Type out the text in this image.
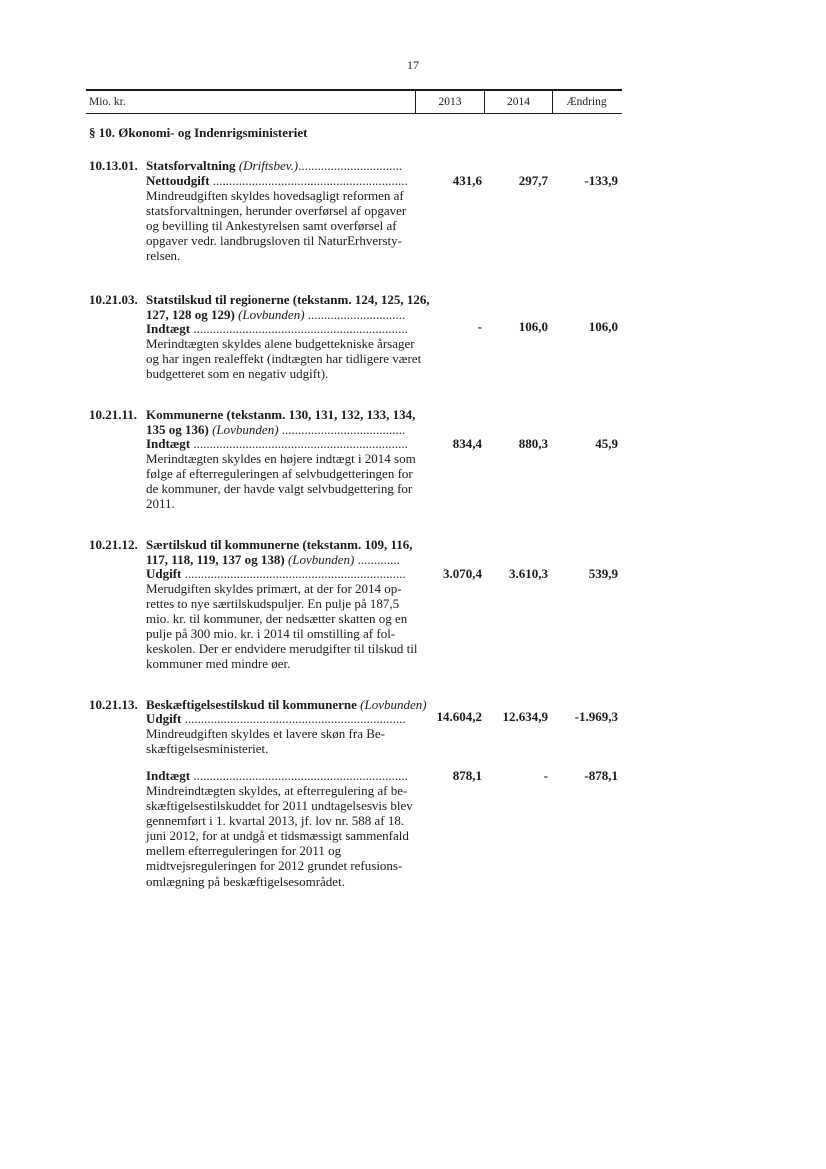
17
Mio. kr.	2013	2014	Ændring
§ 10. Økonomi- og Indenrigsministeriet
10.13.01. Statsforvaltning (Driftsbev.)................................
Nettoudgift ............................................................	431,6	297,7	-133,9
Mindreudgiften skyldes hovedsagligt reformen af statsforvaltningen, herunder overførsel af opgaver og bevilling til Ankestyrelsen samt overførsel af opgaver vedr. landbrugsloven til NaturErhverstyrelsen.
10.21.03. Statstilskud til regionerne (tekstanm. 124, 125, 126,
127, 128 og 129) (Lovbunden) ..............................
Indtægt ..................................................................	-	106,0	106,0
Merindtægten skyldes alene budgettekniske årsager og har ingen realeffekt (indtægten har tidligere været budgetteret som en negativ udgift).
10.21.11. Kommunerne (tekstanm. 130, 131, 132, 133, 134,
135 og 136) (Lovbunden) ......................................
Indtægt ..................................................................	834,4	880,3	45,9
Merindtægten skyldes en højere indtægt i 2014 som følge af efterreguleringen af selvbudgetteringen for de kommuner, der havde valgt selvbudgettering for 2011.
10.21.12. Særtilskud til kommunerne (tekstanm. 109, 116,
117, 118, 119, 137 og 138) (Lovbunden) .............
Udgift ....................................................................	3.070,4	3.610,3	539,9
Merudgiften skyldes primært, at der for 2014 oprettes to nye særtilskudspuljer. En pulje på 187,5 mio. kr. til kommuner, der nedsætter skatten og en pulje på 300 mio. kr. i 2014 til omstilling af folkeskolen. Der er endvidere merudgifter til tilskud til kommuner med mindre øer.
10.21.13. Beskæftigelsestilskud til kommunerne (Lovbunden)
Udgift ....................................................................	14.604,2	12.634,9	-1.969,3
Mindreudgiften skyldes et lavere skøn fra Beskæftigelsesministeriet.
Indtægt ..................................................................	878,1	-	-878,1
Mindreindtægten skyldes, at efterregulering af beskæftigelsestilskuddet for 2011 undtagelsesvis blev gennemført i 1. kvartal 2013, jf. lov nr. 588 af 18. juni 2012, for at undgå et tidsmæssigt sammenfald mellem efterreguleringen for 2011 og midtvejsreguleringen for 2012 grundet refusionsomlægning på beskæftigelsesområdet.
